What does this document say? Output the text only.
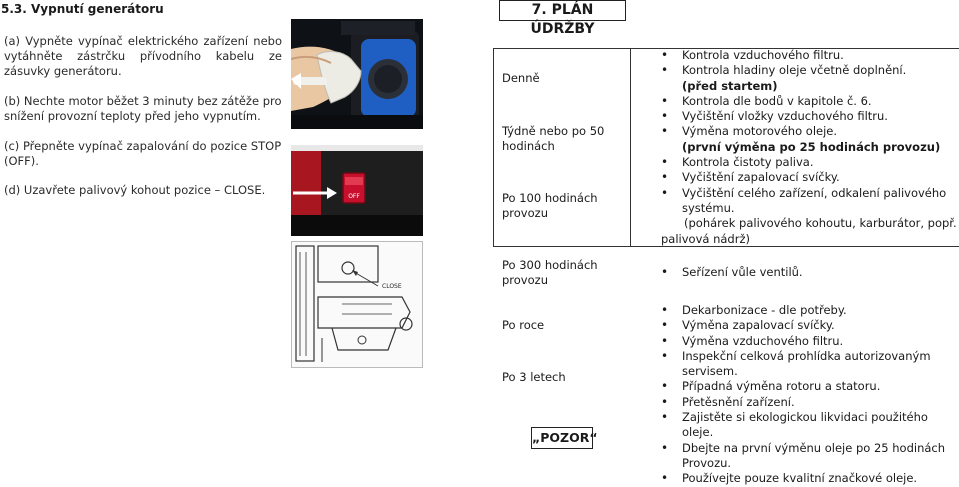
5.3. Vypnutí generátoru
(a) Vypněte vypínač elektrického zařízení nebo vytáhněte zástrčku přívodního kabelu ze zásuvky generátoru.
(b) Nechte motor běžet 3 minuty bez zátěže pro snížení provozní teploty před jeho vypnutím.
(c) Přepněte vypínač zapalování do pozice STOP (OFF).
(d) Uzavřete palivový kohout pozice – CLOSE.	OFF
CLOSE
7. PLÁN ÚDRŽBY
Denně
Týdně nebo po 50 hodinách
Po 100 hodinách provozu
Po 300 hodinách provozu
Po roce
Po 3 letech
• Kontrola vzduchového filtru.
• Kontrola hladiny oleje včetně doplnění.
(před startem)
• Kontrola dle bodů v kapitole č. 6.
• Vyčištění vložky vzduchového filtru.
• Výměna motorového oleje.
(první výměna po 25 hodinách provozu)
• Kontrola čistoty paliva.
• Vyčištění zapalovací svíčky.
• Vyčištění celého zařízení, odkalení palivového systému.
(pohárek palivového kohoutu, karburátor, popř.
palivová nádrž)
• Seřízení vůle ventilů.
• Dekarbonizace - dle potřeby.
• Výměna zapalovací svíčky.
• Výměna vzduchového filtru.
• Inspekční celková prohlídka autorizovaným servisem.
• Případná výměna rotoru a statoru.
• Přetěsnění zařízení.
• Zajistěte si ekologickou likvidaci použitého oleje.
• Dbejte na první výměnu oleje po 25 hodinách
Provozu.
• Používejte pouze kvalitní značkové oleje.
„POZOR“
